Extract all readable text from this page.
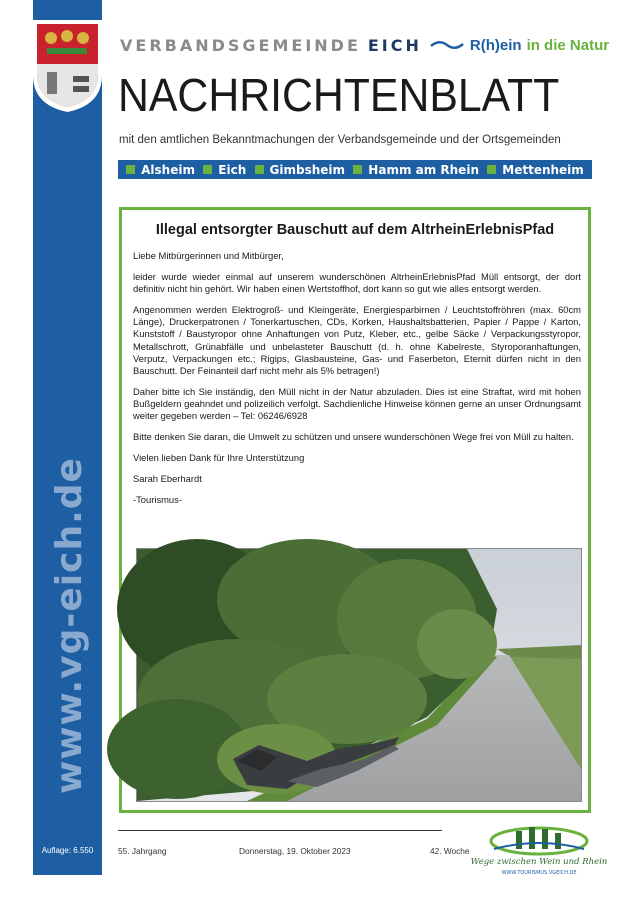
www.vg-eich.de
Auflage: 6.550
VERBANDSGEMEINDE EICH	R(h)ein in die Natur
NACHRICHTENBLATT
mit den amtlichen Bekanntmachungen der Verbandsgemeinde und der Ortsgemeinden
Alsheim Eich Gimbsheim Hamm am Rhein Mettenheim
Illegal entsorgter Bauschutt auf dem AltrheinErlebnisPfad

Liebe Mitbürgerinnen und Mitbürger,

leider wurde wieder einmal auf unserem wunderschönen AltrheinErlebnisPfad Müll entsorgt, der dort definitiv nicht hin gehört. Wir haben einen Wertstoffhof, dort kann so gut wie alles entsorgt werden.

Angenommen werden Elektrogroß- und Kleingeräte, Energiesparbirnen / Leuchtstoffröhren (max. 60cm Länge), Druckerpatronen / Tonerkartuschen, CDs, Korken, Haushaltsbatterien, Papier / Pappe / Karton, Kunststoff / Baustyropor ohne Anhaftungen von Putz, Kleber, etc., gelbe Säcke / Verpackungsstyropor, Metallschrott, Grünabfälle und unbelasteter Bauschutt (d. h. ohne Kabelreste, Styroporanhaftungen, Verputz, Verpackungen etc.; Rigips, Glasbausteine, Gas- und Faserbeton, Eternit dürfen nicht in den Bauschutt. Der Feinanteil darf nicht mehr als 5% betragen!)

Daher bitte ich Sie inständig, den Müll nicht in der Natur abzuladen. Dies ist eine Straftat, wird mit hohen Bußgeldern geahndet und polizeilich verfolgt. Sachdienliche Hinweise können gerne an unser Ordnungsamt weiter gegeben werden – Tel: 06246/6928

Bitte denken Sie daran, die Umwelt zu schützen und unsere wunderschönen Wege frei von Müll zu halten.

Vielen lieben Dank für Ihre Unterstützung

Sarah Eberhardt

-Tourismus-

55. Jahrgang	Donnerstag, 19. Oktober 2023	42. Woche
Wege zwischen Wein und Rhein
WWW.TOURISMUS.VGEICH.DE
